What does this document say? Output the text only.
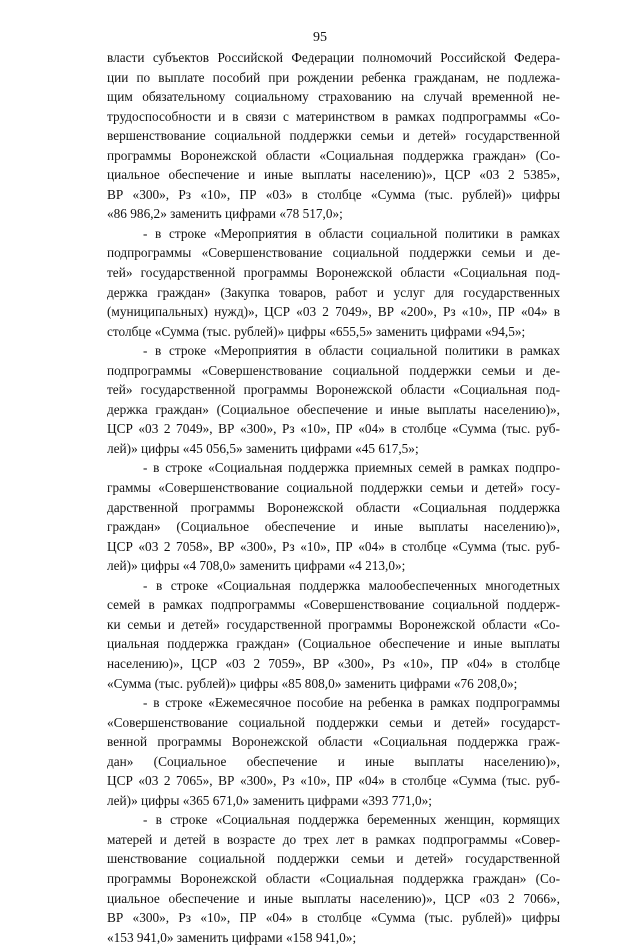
95
власти субъектов Российской Федерации полномочий Российской Федера-
ции по выплате пособий при рождении ребенка гражданам, не подлежа-
щим обязательному социальному страхованию на случай временной не-
трудоспособности и в связи с материнством в рамках подпрограммы «Со-
вершенствование социальной поддержки семьи и детей» государственной
программы Воронежской области «Социальная поддержка граждан» (Со-
циальное обеспечение и иные выплаты населению)», ЦСР «03 2 5385»,
ВР «300», Рз «10», ПР «03» в столбце «Сумма (тыс. рублей)» цифры
«86 986,2» заменить цифрами «78 517,0»;
- в строке «Мероприятия в области социальной политики в рамках
подпрограммы «Совершенствование социальной поддержки семьи и де-
тей» государственной программы Воронежской области «Социальная под-
держка граждан» (Закупка товаров, работ и услуг для государственных
(муниципальных) нужд)», ЦСР «03 2 7049», ВР «200», Рз «10», ПР «04» в
столбце «Сумма (тыс. рублей)» цифры «655,5» заменить цифрами «94,5»;
- в строке «Мероприятия в области социальной политики в рамках
подпрограммы «Совершенствование социальной поддержки семьи и де-
тей» государственной программы Воронежской области «Социальная под-
держка граждан» (Социальное обеспечение и иные выплаты населению)»,
ЦСР «03 2 7049», ВР «300», Рз «10», ПР «04» в столбце «Сумма (тыс. руб-
лей)» цифры «45 056,5» заменить цифрами «45 617,5»;
- в строке «Социальная поддержка приемных семей в рамках подпро-
граммы «Совершенствование социальной поддержки семьи и детей» госу-
дарственной программы Воронежской области «Социальная поддержка
граждан» (Социальное обеспечение и иные выплаты населению)»,
ЦСР «03 2 7058», ВР «300», Рз «10», ПР «04» в столбце «Сумма (тыс. руб-
лей)» цифры «4 708,0» заменить цифрами «4 213,0»;
- в строке «Социальная поддержка малообеспеченных многодетных
семей в рамках подпрограммы «Совершенствование социальной поддерж-
ки семьи и детей» государственной программы Воронежской области «Со-
циальная поддержка граждан» (Социальное обеспечение и иные выплаты
населению)», ЦСР «03 2 7059», ВР «300», Рз «10», ПР «04» в столбце
«Сумма (тыс. рублей)» цифры «85 808,0» заменить цифрами «76 208,0»;
- в строке «Ежемесячное пособие на ребенка в рамках подпрограммы
«Совершенствование социальной поддержки семьи и детей» государст-
венной программы Воронежской области «Социальная поддержка граж-
дан» (Социальное обеспечение и иные выплаты населению)»,
ЦСР «03 2 7065», ВР «300», Рз «10», ПР «04» в столбце «Сумма (тыс. руб-
лей)» цифры «365 671,0» заменить цифрами «393 771,0»;
- в строке «Социальная поддержка беременных женщин, кормящих
матерей и детей в возрасте до трех лет в рамках подпрограммы «Совер-
шенствование социальной поддержки семьи и детей» государственной
программы Воронежской области «Социальная поддержка граждан» (Со-
циальное обеспечение и иные выплаты населению)», ЦСР «03 2 7066»,
ВР «300», Рз «10», ПР «04» в столбце «Сумма (тыс. рублей)» цифры
«153 941,0» заменить цифрами «158 941,0»;
